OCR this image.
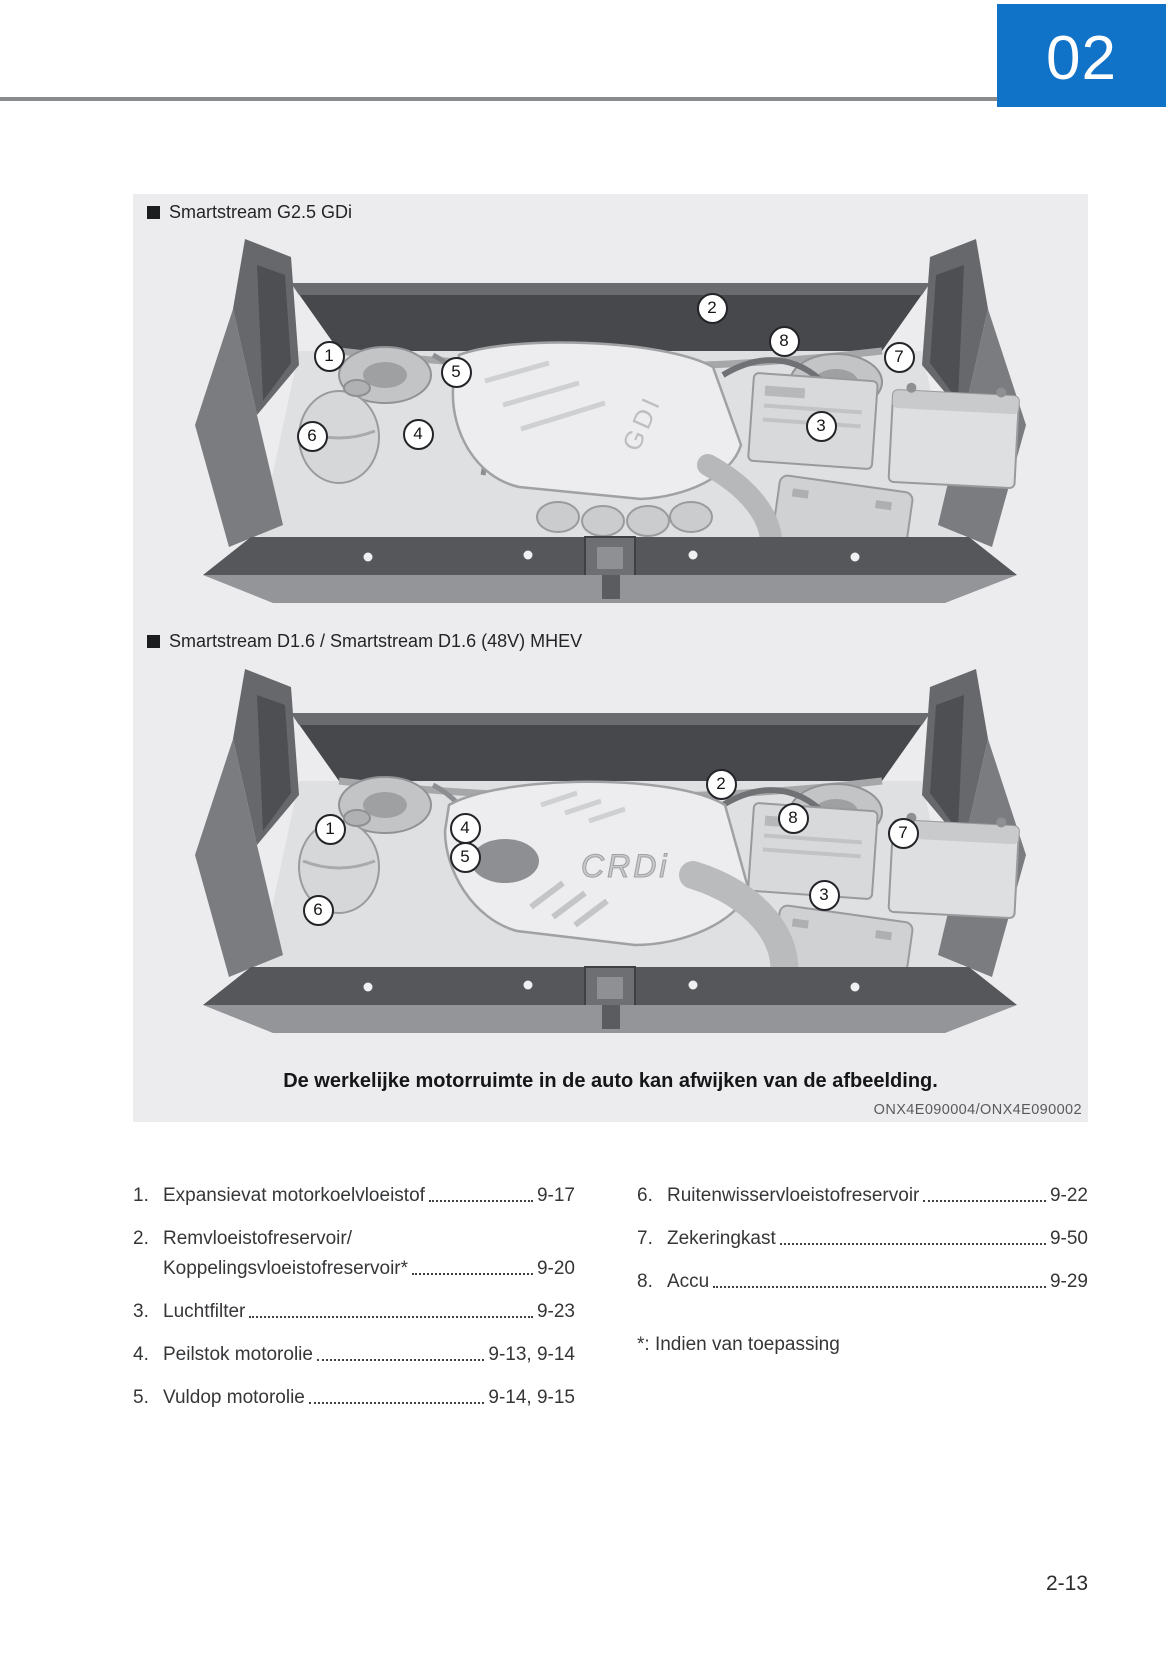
02
Smartstream G2.5 GDi
GDI
1
2
3
4
5
6
7
8
Smartstream D1.6 / Smartstream D1.6 (48V) MHEV
CRDi
1
2
3
4
5
6
7
8
De werkelijke motorruimte in de auto kan afwijken van de afbeelding.
ONX4E090004/ONX4E090002
1. Expansievat motorkoelvloeistof	9-17
2. Remvloeistofreservoir/
Koppelingsvloeistofreservoir*	9-20
3. Luchtfilter	9-23
4. Peilstok motorolie	9-13, 9-14
5. Vuldop motorolie	9-14, 9-15
6. Ruitenwisservloeistofreservoir	9-22
7. Zekeringkast	9-50
8. Accu	9-29
*: Indien van toepassing
2-13
